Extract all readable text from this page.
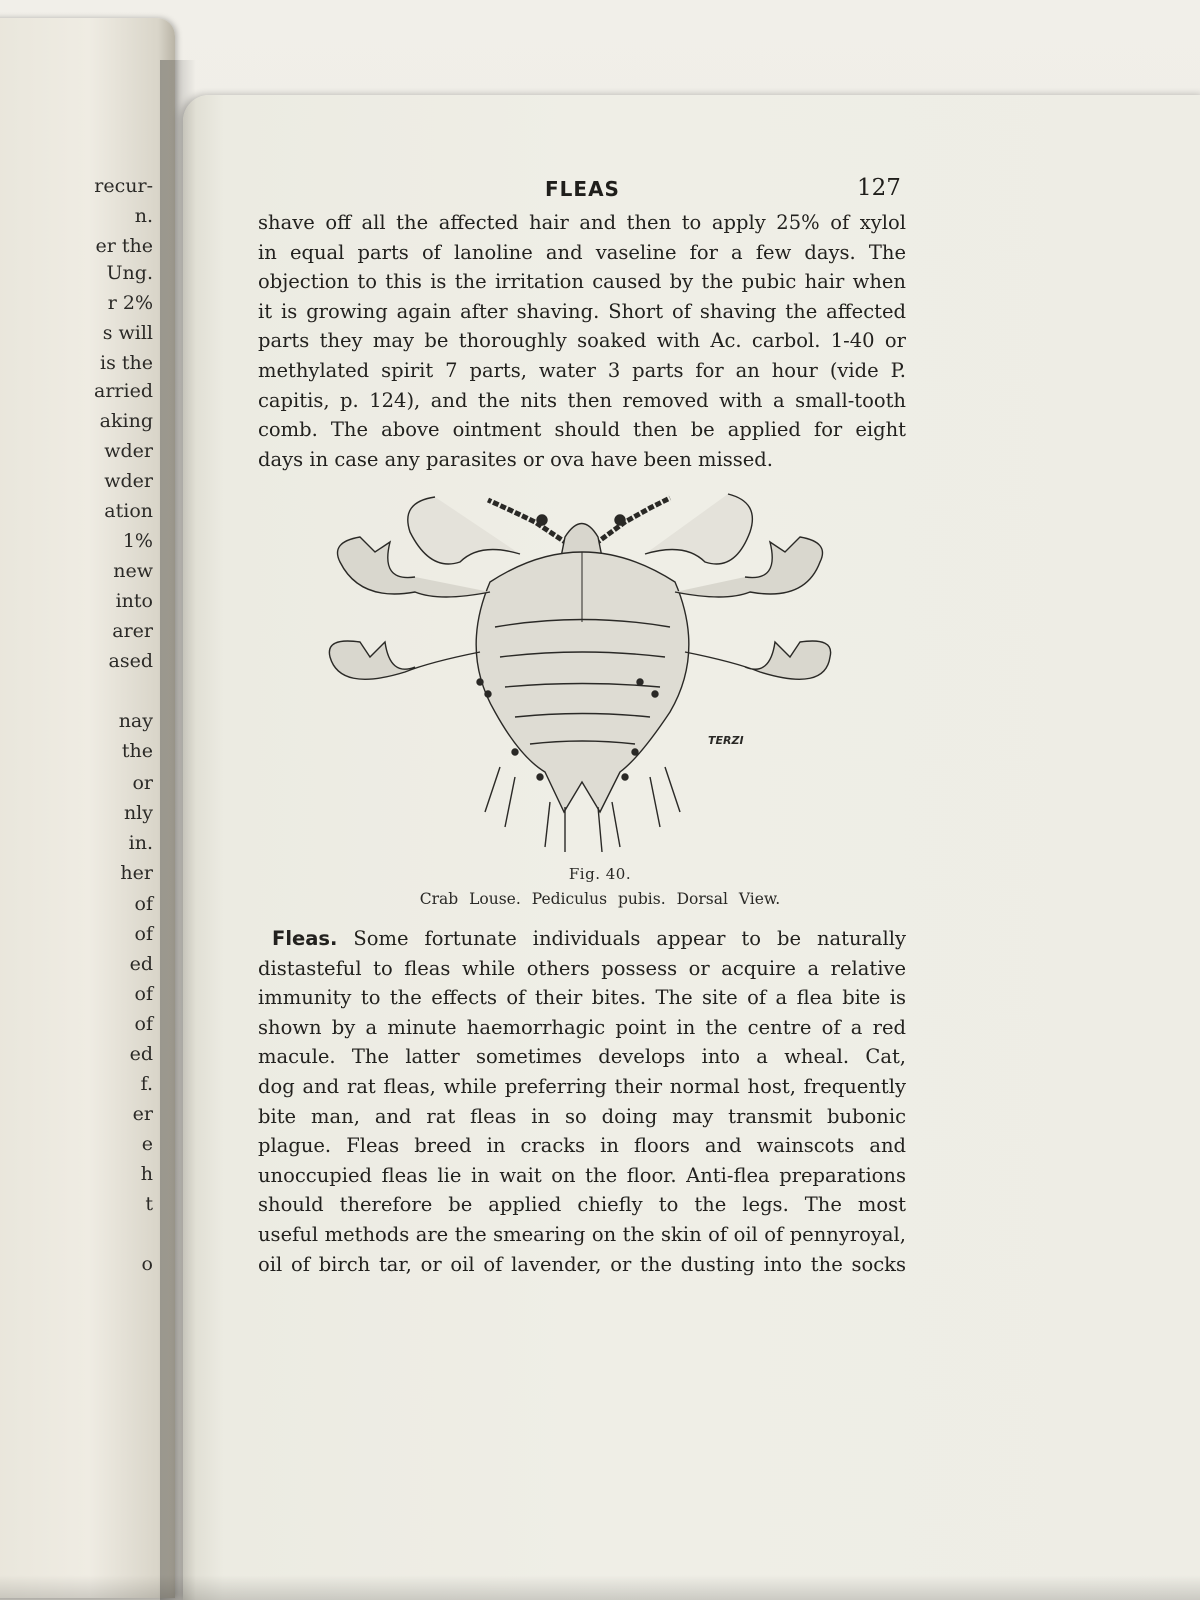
recur-
n.
er the
Ung.
r 2%
s will
is the
arried
aking
wder
wder
ation
1%
new
into
arer
ased
nay
the
or
nly
in.
her
of
of
ed
of
of
ed
f.
er
e
h
t
o
FLEAS	127
shave off all the affected hair and then to apply 25% of xylol
in equal parts of lanoline and vaseline for a few days. The
objection to this is the irritation caused by the pubic hair when
it is growing again after shaving. Short of shaving the affected
parts they may be thoroughly soaked with Ac. carbol. 1-40 or
methylated spirit 7 parts, water 3 parts for an hour (vide P.
capitis, p. 124), and the nits then removed with a small-tooth
comb. The above ointment should then be applied for eight
days in case any parasites or ova have been missed.
TERZI
Fig. 40.
Crab Louse. Pediculus pubis. Dorsal View.
Fleas. Some fortunate individuals appear to be naturally
distasteful to fleas while others possess or acquire a relative
immunity to the effects of their bites. The site of a flea bite is
shown by a minute haemorrhagic point in the centre of a red
macule. The latter sometimes develops into a wheal. Cat,
dog and rat fleas, while preferring their normal host, frequently
bite man, and rat fleas in so doing may transmit bubonic
plague. Fleas breed in cracks in floors and wainscots and
unoccupied fleas lie in wait on the floor. Anti-flea preparations
should therefore be applied chiefly to the legs. The most
useful methods are the smearing on the skin of oil of pennyroyal,
oil of birch tar, or oil of lavender, or the dusting into the socks
